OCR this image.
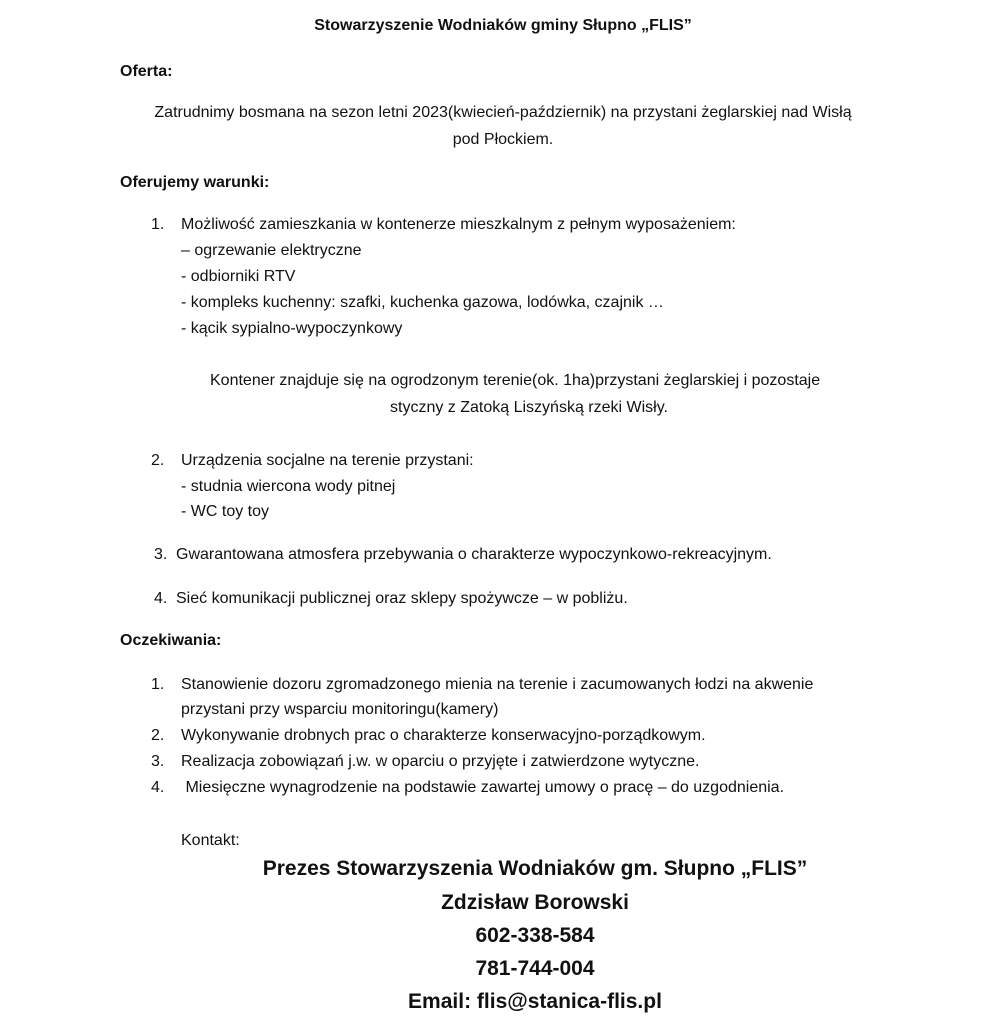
Stowarzyszenie Wodniaków gminy Słupno „FLIS”
Oferta:
Zatrudnimy bosmana na sezon letni 2023(kwiecień-październik) na przystani żeglarskiej nad Wisłą
pod Płockiem.
Oferujemy warunki:
1. Możliwość zamieszkania w kontenerze mieszkalnym z pełnym wyposażeniem:
– ogrzewanie elektryczne
- odbiorniki RTV
- kompleks kuchenny: szafki, kuchenka gazowa, lodówka, czajnik …
- kącik sypialno-wypoczynkowy
Kontener znajduje się na ogrodzonym terenie(ok. 1ha)przystani żeglarskiej i pozostaje
styczny z Zatoką Liszyńską rzeki Wisły.
2. Urządzenia socjalne na terenie przystani:
- studnia wiercona wody pitnej
- WC toy toy
3. Gwarantowana atmosfera przebywania o charakterze wypoczynkowo-rekreacyjnym.
4. Sieć komunikacji publicznej oraz sklepy spożywcze – w pobliżu.
Oczekiwania:
1. Stanowienie dozoru zgromadzonego mienia na terenie i zacumowanych łodzi na akwenie
przystani przy wsparciu monitoringu(kamery)
2. Wykonywanie drobnych prac o charakterze konserwacyjno-porządkowym.
3. Realizacja zobowiązań j.w. w oparciu o przyjęte i zatwierdzone wytyczne.
4. Miesięczne wynagrodzenie na podstawie zawartej umowy o pracę – do uzgodnienia.
Kontakt:
Prezes Stowarzyszenia Wodniaków gm. Słupno „FLIS”
Zdzisław Borowski
602-338-584
781-744-004
Email: flis@stanica-flis.pl
